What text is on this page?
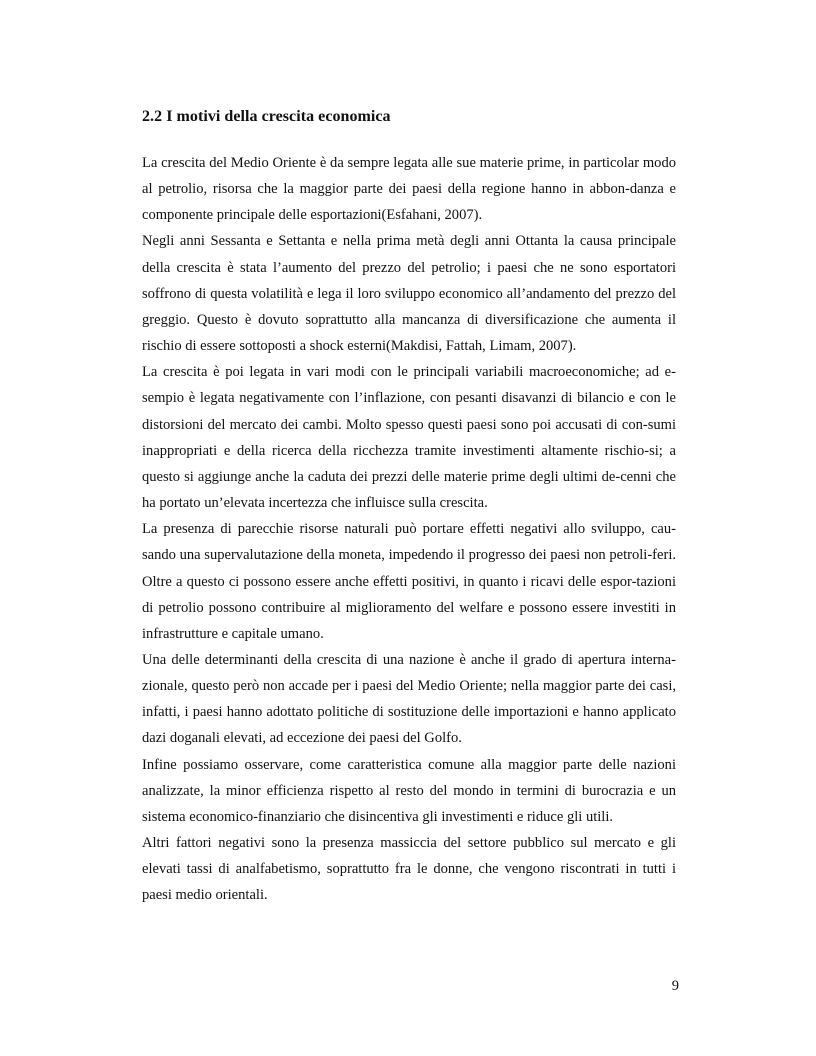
2.2 I motivi della crescita economica

La crescita del Medio Oriente è da sempre legata alle sue materie prime, in particolar modo al petrolio, risorsa che la maggior parte dei paesi della regione hanno in abbon-danza e componente principale delle esportazioni(Esfahani, 2007).

Negli anni Sessanta e Settanta e nella prima metà degli anni Ottanta la causa principale della crescita è stata l’aumento del prezzo del petrolio; i paesi che ne sono esportatori soffrono di questa volatilità e lega il loro sviluppo economico all’andamento del prezzo del greggio. Questo è dovuto soprattutto alla mancanza di diversificazione che aumenta il rischio di essere sottoposti a shock esterni(Makdisi, Fattah, Limam, 2007).

La crescita è poi legata in vari modi con le principali variabili macroeconomiche; ad e-sempio è legata negativamente con l’inflazione, con pesanti disavanzi di bilancio e con le distorsioni del mercato dei cambi. Molto spesso questi paesi sono poi accusati di con-sumi inappropriati e della ricerca della ricchezza tramite investimenti altamente rischio-si; a questo si aggiunge anche la caduta dei prezzi delle materie prime degli ultimi de-cenni che ha portato un’elevata incertezza che influisce sulla crescita.

La presenza di parecchie risorse naturali può portare effetti negativi allo sviluppo, cau-sando una supervalutazione della moneta, impedendo il progresso dei paesi non petroli-feri. Oltre a questo ci possono essere anche effetti positivi, in quanto i ricavi delle espor-tazioni di petrolio possono contribuire al miglioramento del welfare e possono essere investiti in infrastrutture e capitale umano.

Una delle determinanti della crescita di una nazione è anche il grado di apertura interna-zionale, questo però non accade per i paesi del Medio Oriente; nella maggior parte dei casi, infatti, i paesi hanno adottato politiche di sostituzione delle importazioni e hanno applicato dazi doganali elevati, ad eccezione dei paesi del Golfo.

Infine possiamo osservare, come caratteristica comune alla maggior parte delle nazioni analizzate, la minor efficienza rispetto al resto del mondo in termini di burocrazia e un sistema economico-finanziario che disincentiva gli investimenti e riduce gli utili.

Altri fattori negativi sono la presenza massiccia del settore pubblico sul mercato e gli elevati tassi di analfabetismo, soprattutto fra le donne, che vengono riscontrati in tutti i paesi medio orientali.

9
